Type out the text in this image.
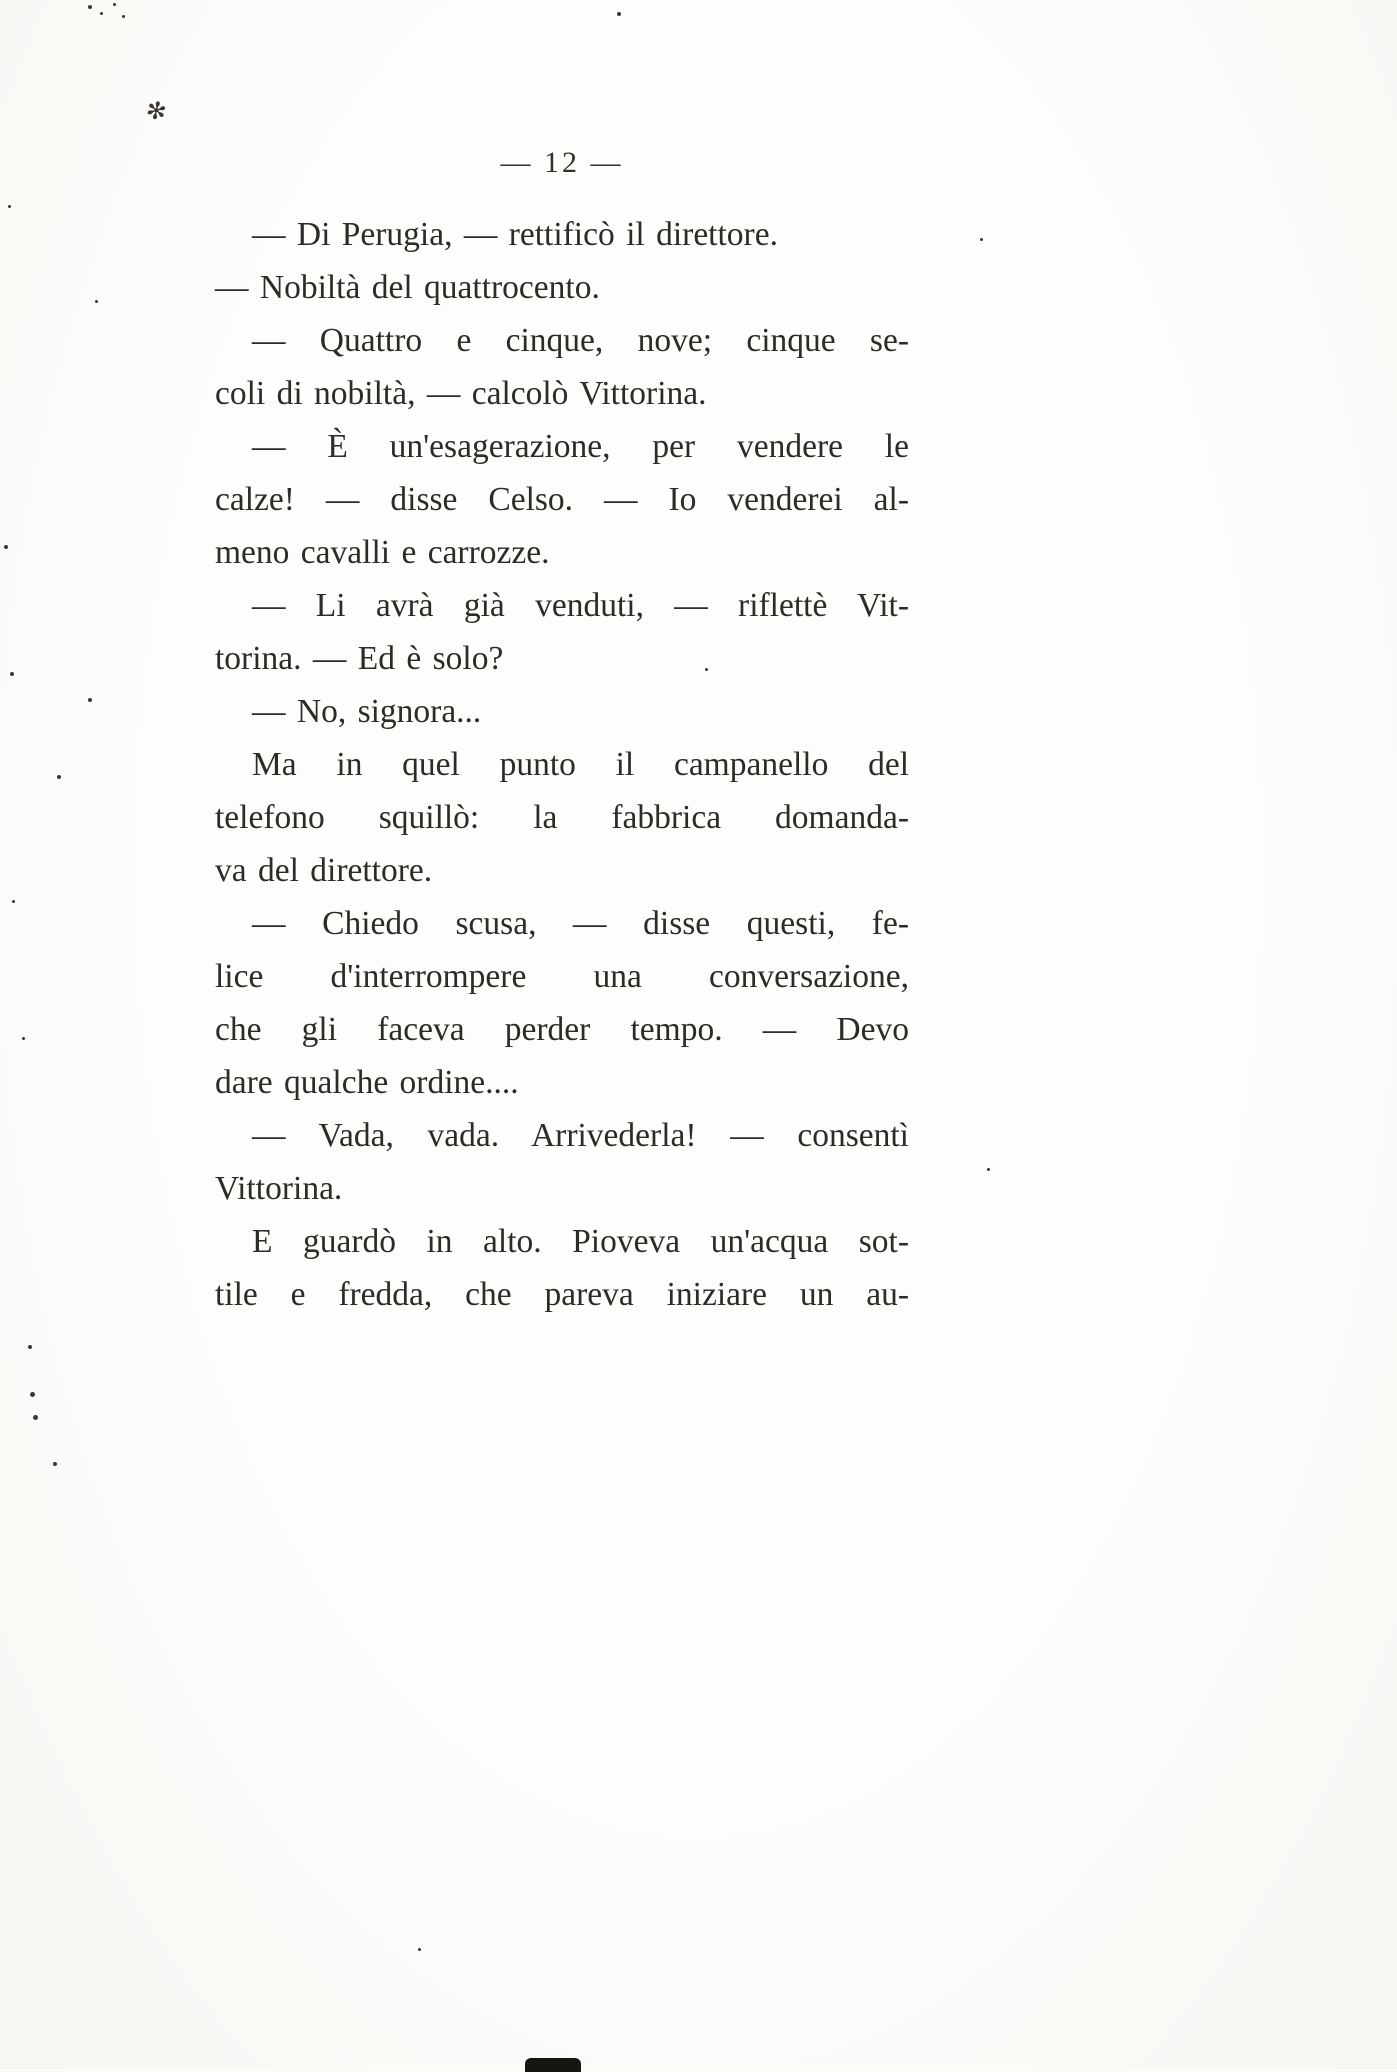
✻
— 12 —
— Di Perugia, — rettificò il direttore.
— Nobiltà del quattrocento.
— Quattro e cinque, nove; cinque se-
coli di nobiltà, — calcolò Vittorina.
— È un'esagerazione, per vendere le
calze! — disse Celso. — Io venderei al-
meno cavalli e carrozze.
— Li avrà già venduti, — riflettè Vit-
torina. — Ed è solo?
— No, signora...
Ma in quel punto il campanello del
telefono squillò: la fabbrica domanda-
va del direttore.
— Chiedo scusa, — disse questi, fe-
lice d'interrompere una conversazione,
che gli faceva perder tempo. — Devo
dare qualche ordine....
— Vada, vada. Arrivederla! — consentì
Vittorina.
E guardò in alto. Pioveva un'acqua sot-
tile e fredda, che pareva iniziare un au-
